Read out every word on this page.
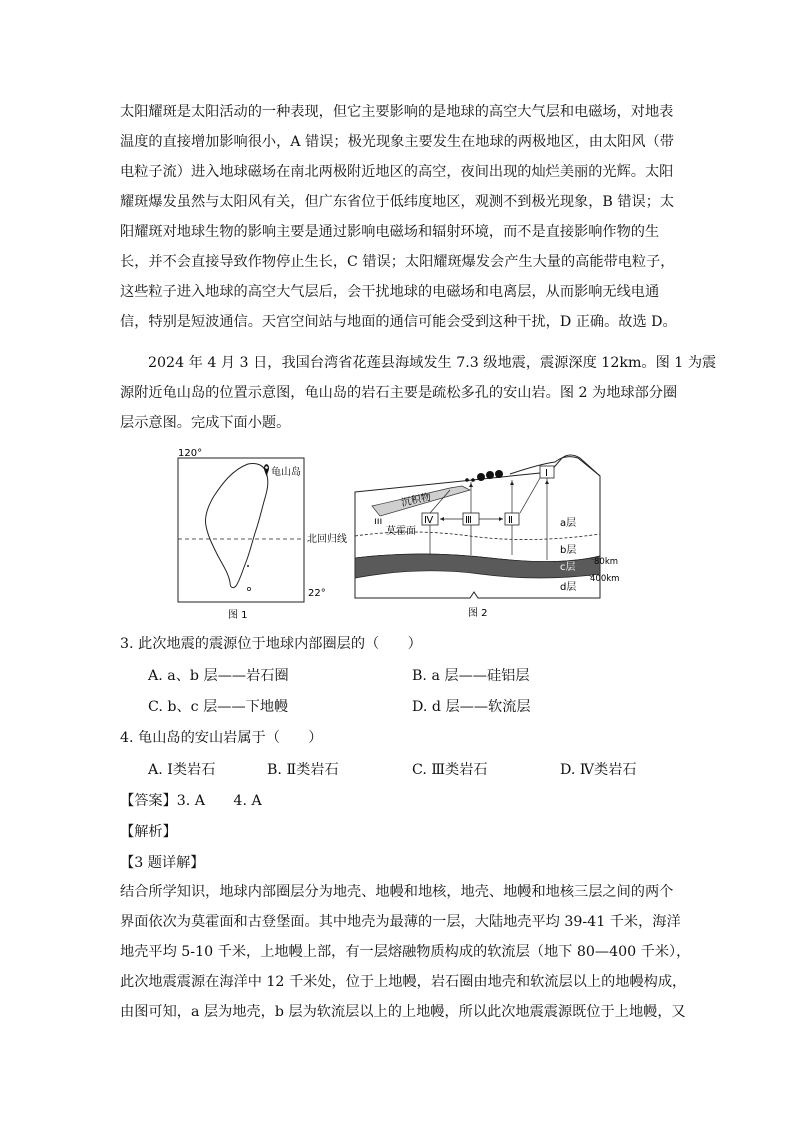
太阳耀斑是太阳活动的一种表现，但它主要影响的是地球的高空大气层和电磁场，对地表
温度的直接增加影响很小，A 错误；极光现象主要发生在地球的两极地区，由太阳风（带
电粒子流）进入地球磁场在南北两极附近地区的高空，夜间出现的灿烂美丽的光辉。太阳
耀斑爆发虽然与太阳风有关，但广东省位于低纬度地区，观测不到极光现象，B 错误；太
阳耀斑对地球生物的影响主要是通过影响电磁场和辐射环境，而不是直接影响作物的生
长，并不会直接导致作物停止生长，C 错误；太阳耀斑爆发会产生大量的高能带电粒子，
这些粒子进入地球的高空大气层后，会干扰地球的电磁场和电离层，从而影响无线电通
信，特别是短波通信。天宫空间站与地面的通信可能会受到这种干扰，D 正确。故选 D。
2024 年 4 月 3 日，我国台湾省花莲县海域发生 7.3 级地震，震源深度 12km。图 1 为震
源附近龟山岛的位置示意图，龟山岛的岩石主要是疏松多孔的安山岩。图 2 为地球部分圈
层示意图。完成下面小题。
120°
龟山岛
北回归线
22°
图 1
沉积物
ııı
Ⅰ
Ⅱ
Ⅲ
Ⅳ
莫霍面
a层
b层
c层
d层
80km
400km
图 2
3. 此次地震的震源位于地球内部圈层的（　　）
A. a、b 层——岩石圈	B. a 层——硅铝层
C. b、c 层——下地幔	D. d 层——软流层
4. 龟山岛的安山岩属于（　　）
A. Ⅰ类岩石	B. Ⅱ类岩石	C. Ⅲ类岩石	D. Ⅳ类岩石
【答案】3. A　　4. A
【解析】
【3 题详解】
结合所学知识，地球内部圈层分为地壳、地幔和地核，地壳、地幔和地核三层之间的两个
界面依次为莫霍面和古登堡面。其中地壳为最薄的一层，大陆地壳平均 39-41 千米，海洋
地壳平均 5-10 千米，上地幔上部，有一层熔融物质构成的软流层（地下 80—400 千米），
此次地震震源在海洋中 12 千米处，位于上地幔，岩石圈由地壳和软流层以上的地幔构成，
由图可知，a 层为地壳，b 层为软流层以上的上地幔，所以此次地震震源既位于上地幔，又
